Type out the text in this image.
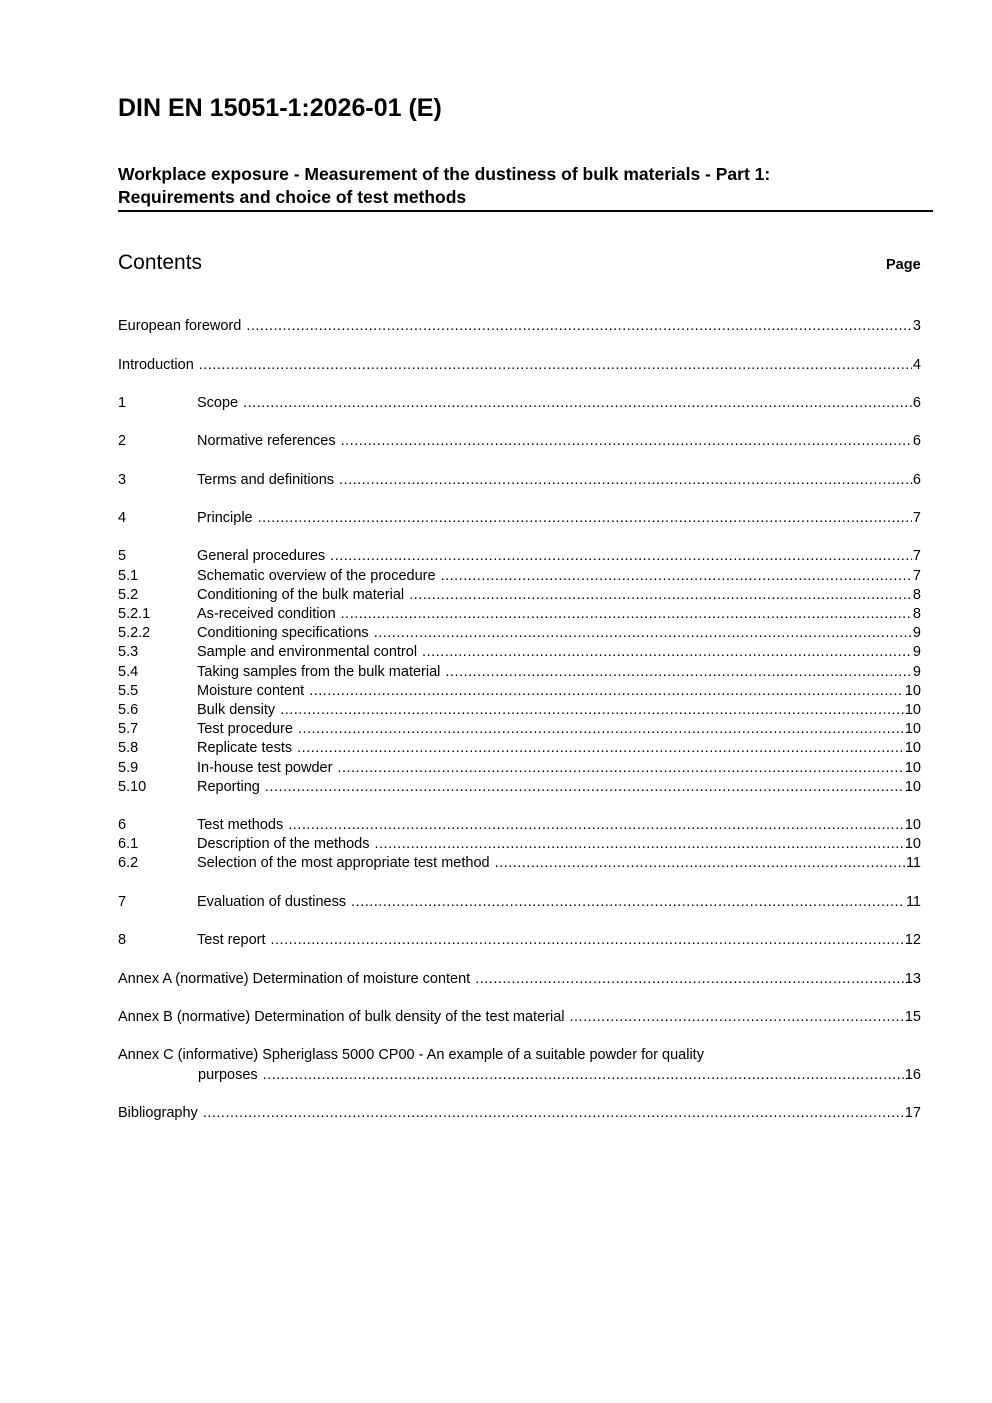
DIN EN 15051-1:2026-01 (E)
Workplace exposure - Measurement of the dustiness of bulk materials - Part 1:
Requirements and choice of test methods
Contents	Page
European foreword .....	3
Introduction .....	4
1	Scope .....	6
2	Normative references .....	6
3	Terms and definitions .....	6
4	Principle .....	7
5	General procedures .....	7
5.1	Schematic overview of the procedure .....	7
5.2	Conditioning of the bulk material .....	8
5.2.1	As-received condition .....	8
5.2.2	Conditioning specifications .....	9
5.3	Sample and environmental control .....	9
5.4	Taking samples from the bulk material .....	9
5.5	Moisture content .....	10
5.6	Bulk density .....	10
5.7	Test procedure .....	10
5.8	Replicate tests .....	10
5.9	In-house test powder .....	10
5.10	Reporting .....	10
6	Test methods .....	10
6.1	Description of the methods .....	10
6.2	Selection of the most appropriate test method .....	11
7	Evaluation of dustiness .....	11
8	Test report .....	12
Annex A (normative) Determination of moisture content .....	13
Annex B (normative) Determination of bulk density of the test material .....	15
Annex C (informative) Spheriglass 5000 CP00 - An example of a suitable powder for quality
purposes .....	16
Bibliography .....	17
